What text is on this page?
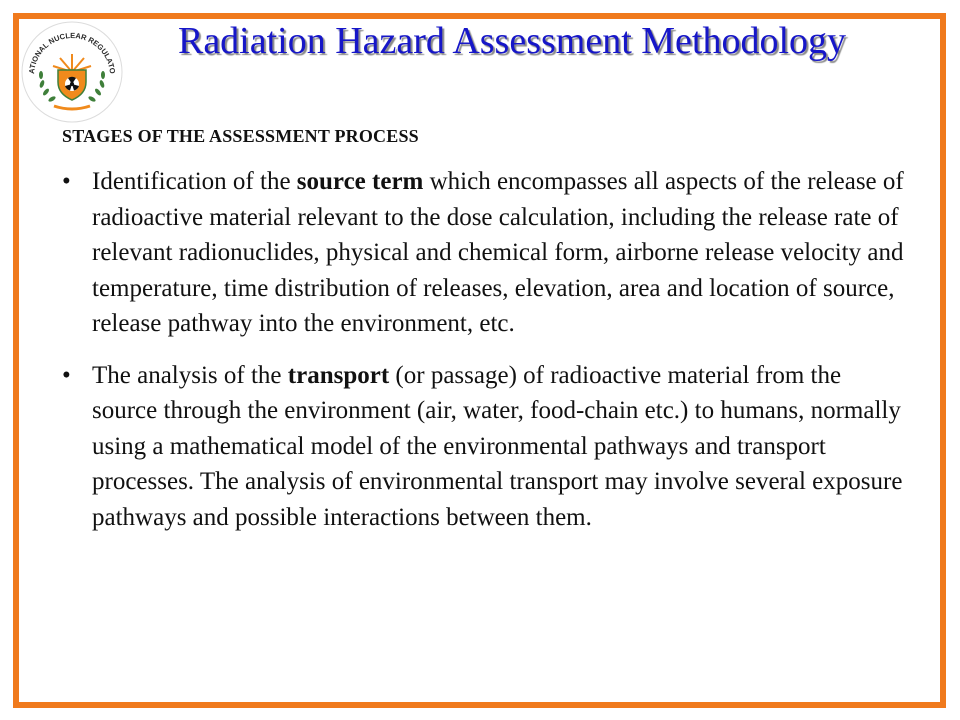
ATIONAL NUCLEAR REGULATO
Radiation Hazard Assessment Methodology
STAGES OF THE ASSESSMENT PROCESS
• Identification of the source term which encompasses all aspects of the release of radioactive material relevant to the dose calculation, including the release rate of relevant radionuclides, physical and chemical form, airborne release velocity and temperature, time distribution of releases, elevation, area and location of source, release pathway into the environment, etc.
• The analysis of the transport (or passage) of radioactive material from the source through the environment (air, water, food-chain etc.) to humans, normally using a mathematical model of the environmental pathways and transport processes. The analysis of environmental transport may involve several exposure pathways and possible interactions between them.
